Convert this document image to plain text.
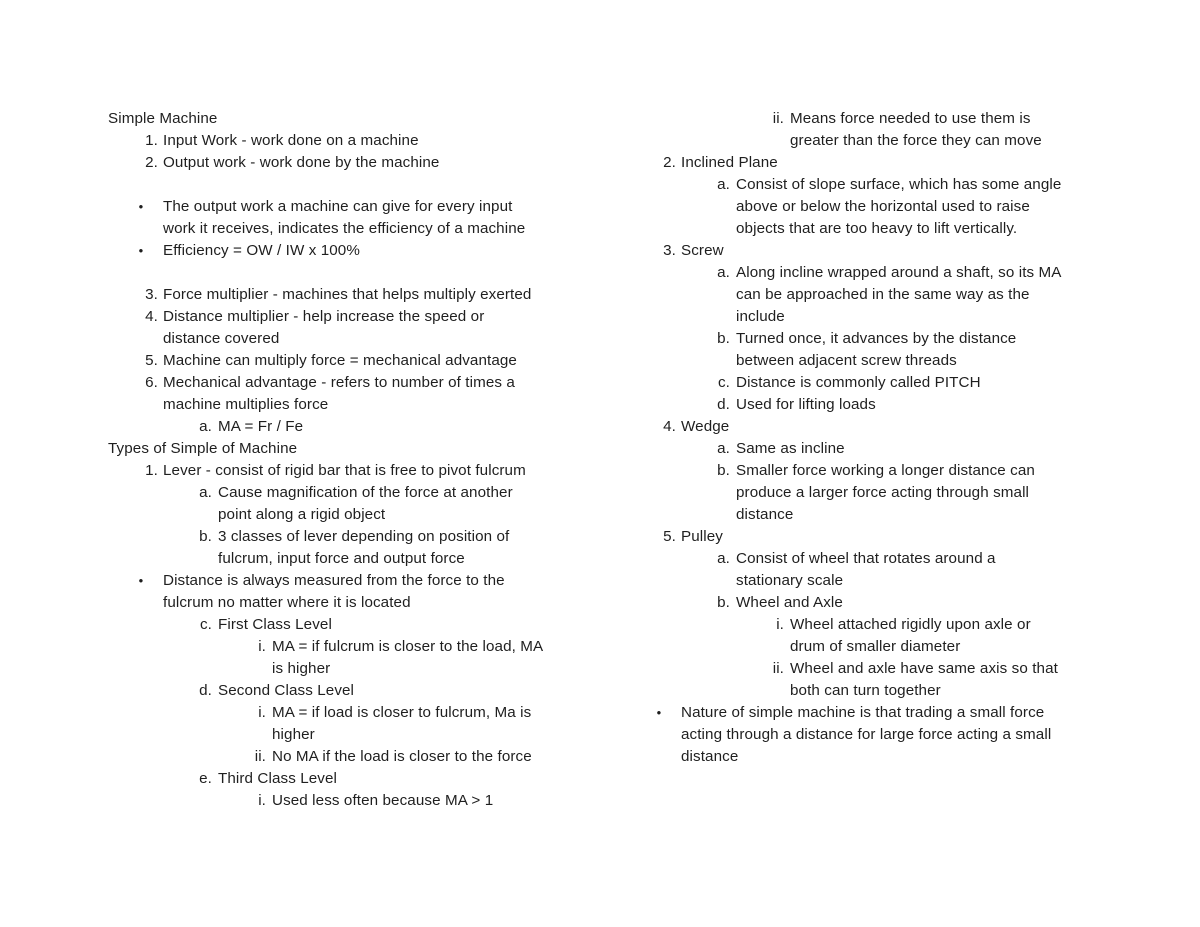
Simple Machine
1. Input Work - work done on a machine
2. Output work - work done by the machine
• The output work a machine can give for every input
work it receives, indicates the efficiency of a machine
• Efficiency = OW / IW x 100%
3. Force multiplier - machines that helps multiply exerted
4. Distance multiplier - help increase the speed or
distance covered
5. Machine can multiply force = mechanical advantage
6. Mechanical advantage - refers to number of times a
machine multiplies force
a. MA = Fr / Fe
Types of Simple of Machine
1. Lever - consist of rigid bar that is free to pivot fulcrum
a. Cause magnification of the force at another
point along a rigid object
b. 3 classes of lever depending on position of
fulcrum, input force and output force
• Distance is always measured from the force to the
fulcrum no matter where it is located
c. First Class Level
i. MA = if fulcrum is closer to the load, MA
is higher
d. Second Class Level
i. MA = if load is closer to fulcrum, Ma is
higher
ii. No MA if the load is closer to the force
e. Third Class Level
i. Used less often because MA > 1
ii. Means force needed to use them is
greater than the force they can move
2. Inclined Plane
a. Consist of slope surface, which has some angle
above or below the horizontal used to raise
objects that are too heavy to lift vertically.
3. Screw
a. Along incline wrapped around a shaft, so its MA
can be approached in the same way as the
include
b. Turned once, it advances by the distance
between adjacent screw threads
c. Distance is commonly called PITCH
d. Used for lifting loads
4. Wedge
a. Same as incline
b. Smaller force working a longer distance can
produce a larger force acting through small
distance
5. Pulley
a. Consist of wheel that rotates around a
stationary scale
b. Wheel and Axle
i. Wheel attached rigidly upon axle or
drum of smaller diameter
ii. Wheel and axle have same axis so that
both can turn together
• Nature of simple machine is that trading a small force
acting through a distance for large force acting a small
distance
